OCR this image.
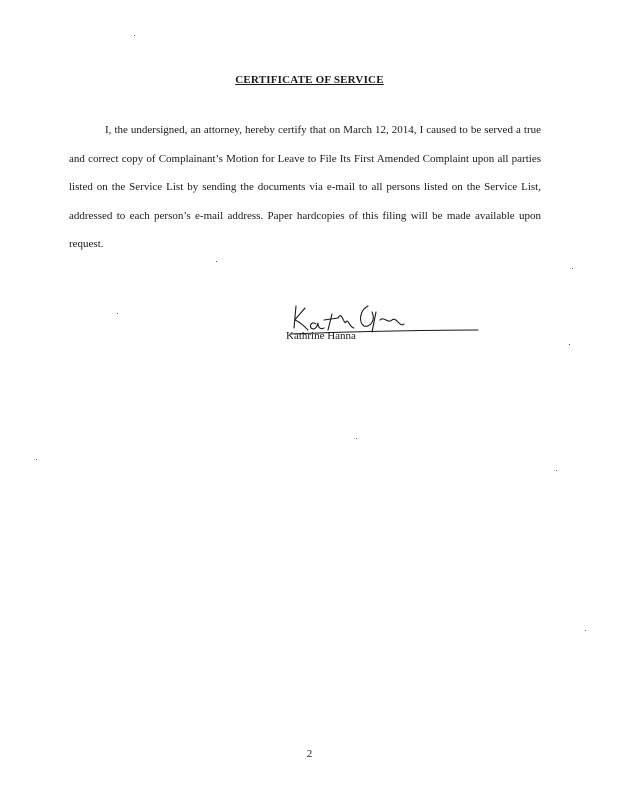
CERTIFICATE OF SERVICE

I, the undersigned, an attorney, hereby certify that on March 12, 2014, I caused to be served a true and correct copy of Complainant’s Motion for Leave to File Its First Amended Complaint upon all parties listed on the Service List by sending the documents via e-mail to all persons listed on the Service List, addressed to each person’s e-mail address. Paper hardcopies of this filing will be made available upon request.

Kathrine Hanna

2
